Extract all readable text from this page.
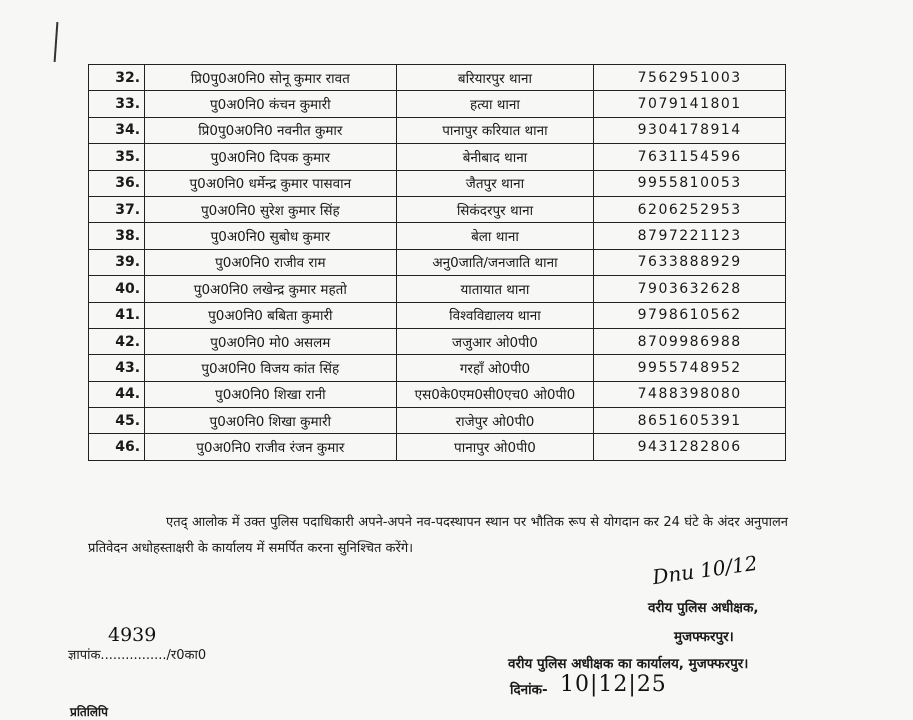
32.	प्रि0पु0अ0नि0 सोनू कुमार रावत	बरियारपुर थाना	7562951003
33.	पु0अ0नि0 कंचन कुमारी	हत्या थाना	7079141801
34.	प्रि0पु0अ0नि0 नवनीत कुमार	पानापुर करियात थाना	9304178914
35.	पु0अ0नि0 दिपक कुमार	बेनीबाद थाना	7631154596
36.	पु0अ0नि0 धर्मेन्द्र कुमार पासवान	जैतपुर थाना	9955810053
37.	पु0अ0नि0 सुरेश कुमार सिंह	सिकंदरपुर थाना	6206252953
38.	पु0अ0नि0 सुबोध कुमार	बेला थाना	8797221123
39.	पु0अ0नि0 राजीव राम	अनु0जाति/जनजाति थाना	7633888929
40.	पु0अ0नि0 लखेन्द्र कुमार महतो	यातायात थाना	7903632628
41.	पु0अ0नि0 बबिता कुमारी	विश्वविद्यालय थाना	9798610562
42.	पु0अ0नि0 मो0 असलम	जजुआर ओ0पी0	8709986988
43.	पु0अ0नि0 विजय कांत सिंह	गरहाँ ओ0पी0	9955748952
44.	पु0अ0नि0 शिखा रानी	एस0के0एम0सी0एच0 ओ0पी0	7488398080
45.	पु0अ0नि0 शिखा कुमारी	राजेपुर ओ0पी0	8651605391
46.	पु0अ0नि0 राजीव रंजन कुमार	पानापुर ओ0पी0	9431282806
एतद् आलोक में उक्त पुलिस पदाधिकारी अपने-अपने नव-पदस्थापन स्थान पर भौतिक रूप से योगदान कर 24 घंटे के अंदर अनुपालन प्रतिवेदन अधोहस्ताक्षरी के कार्यालय में समर्पित करना सुनिश्चित करेंगे।
Dnu 10/12
वरीय पुलिस अधीक्षक,
मुजफ्फरपुर।
4939
ज्ञापांक................/र0का0
वरीय पुलिस अधीक्षक का कार्यालय, मुजफ्फरपुर।
दिनांक- 10|12|25
प्रतिलिपि
